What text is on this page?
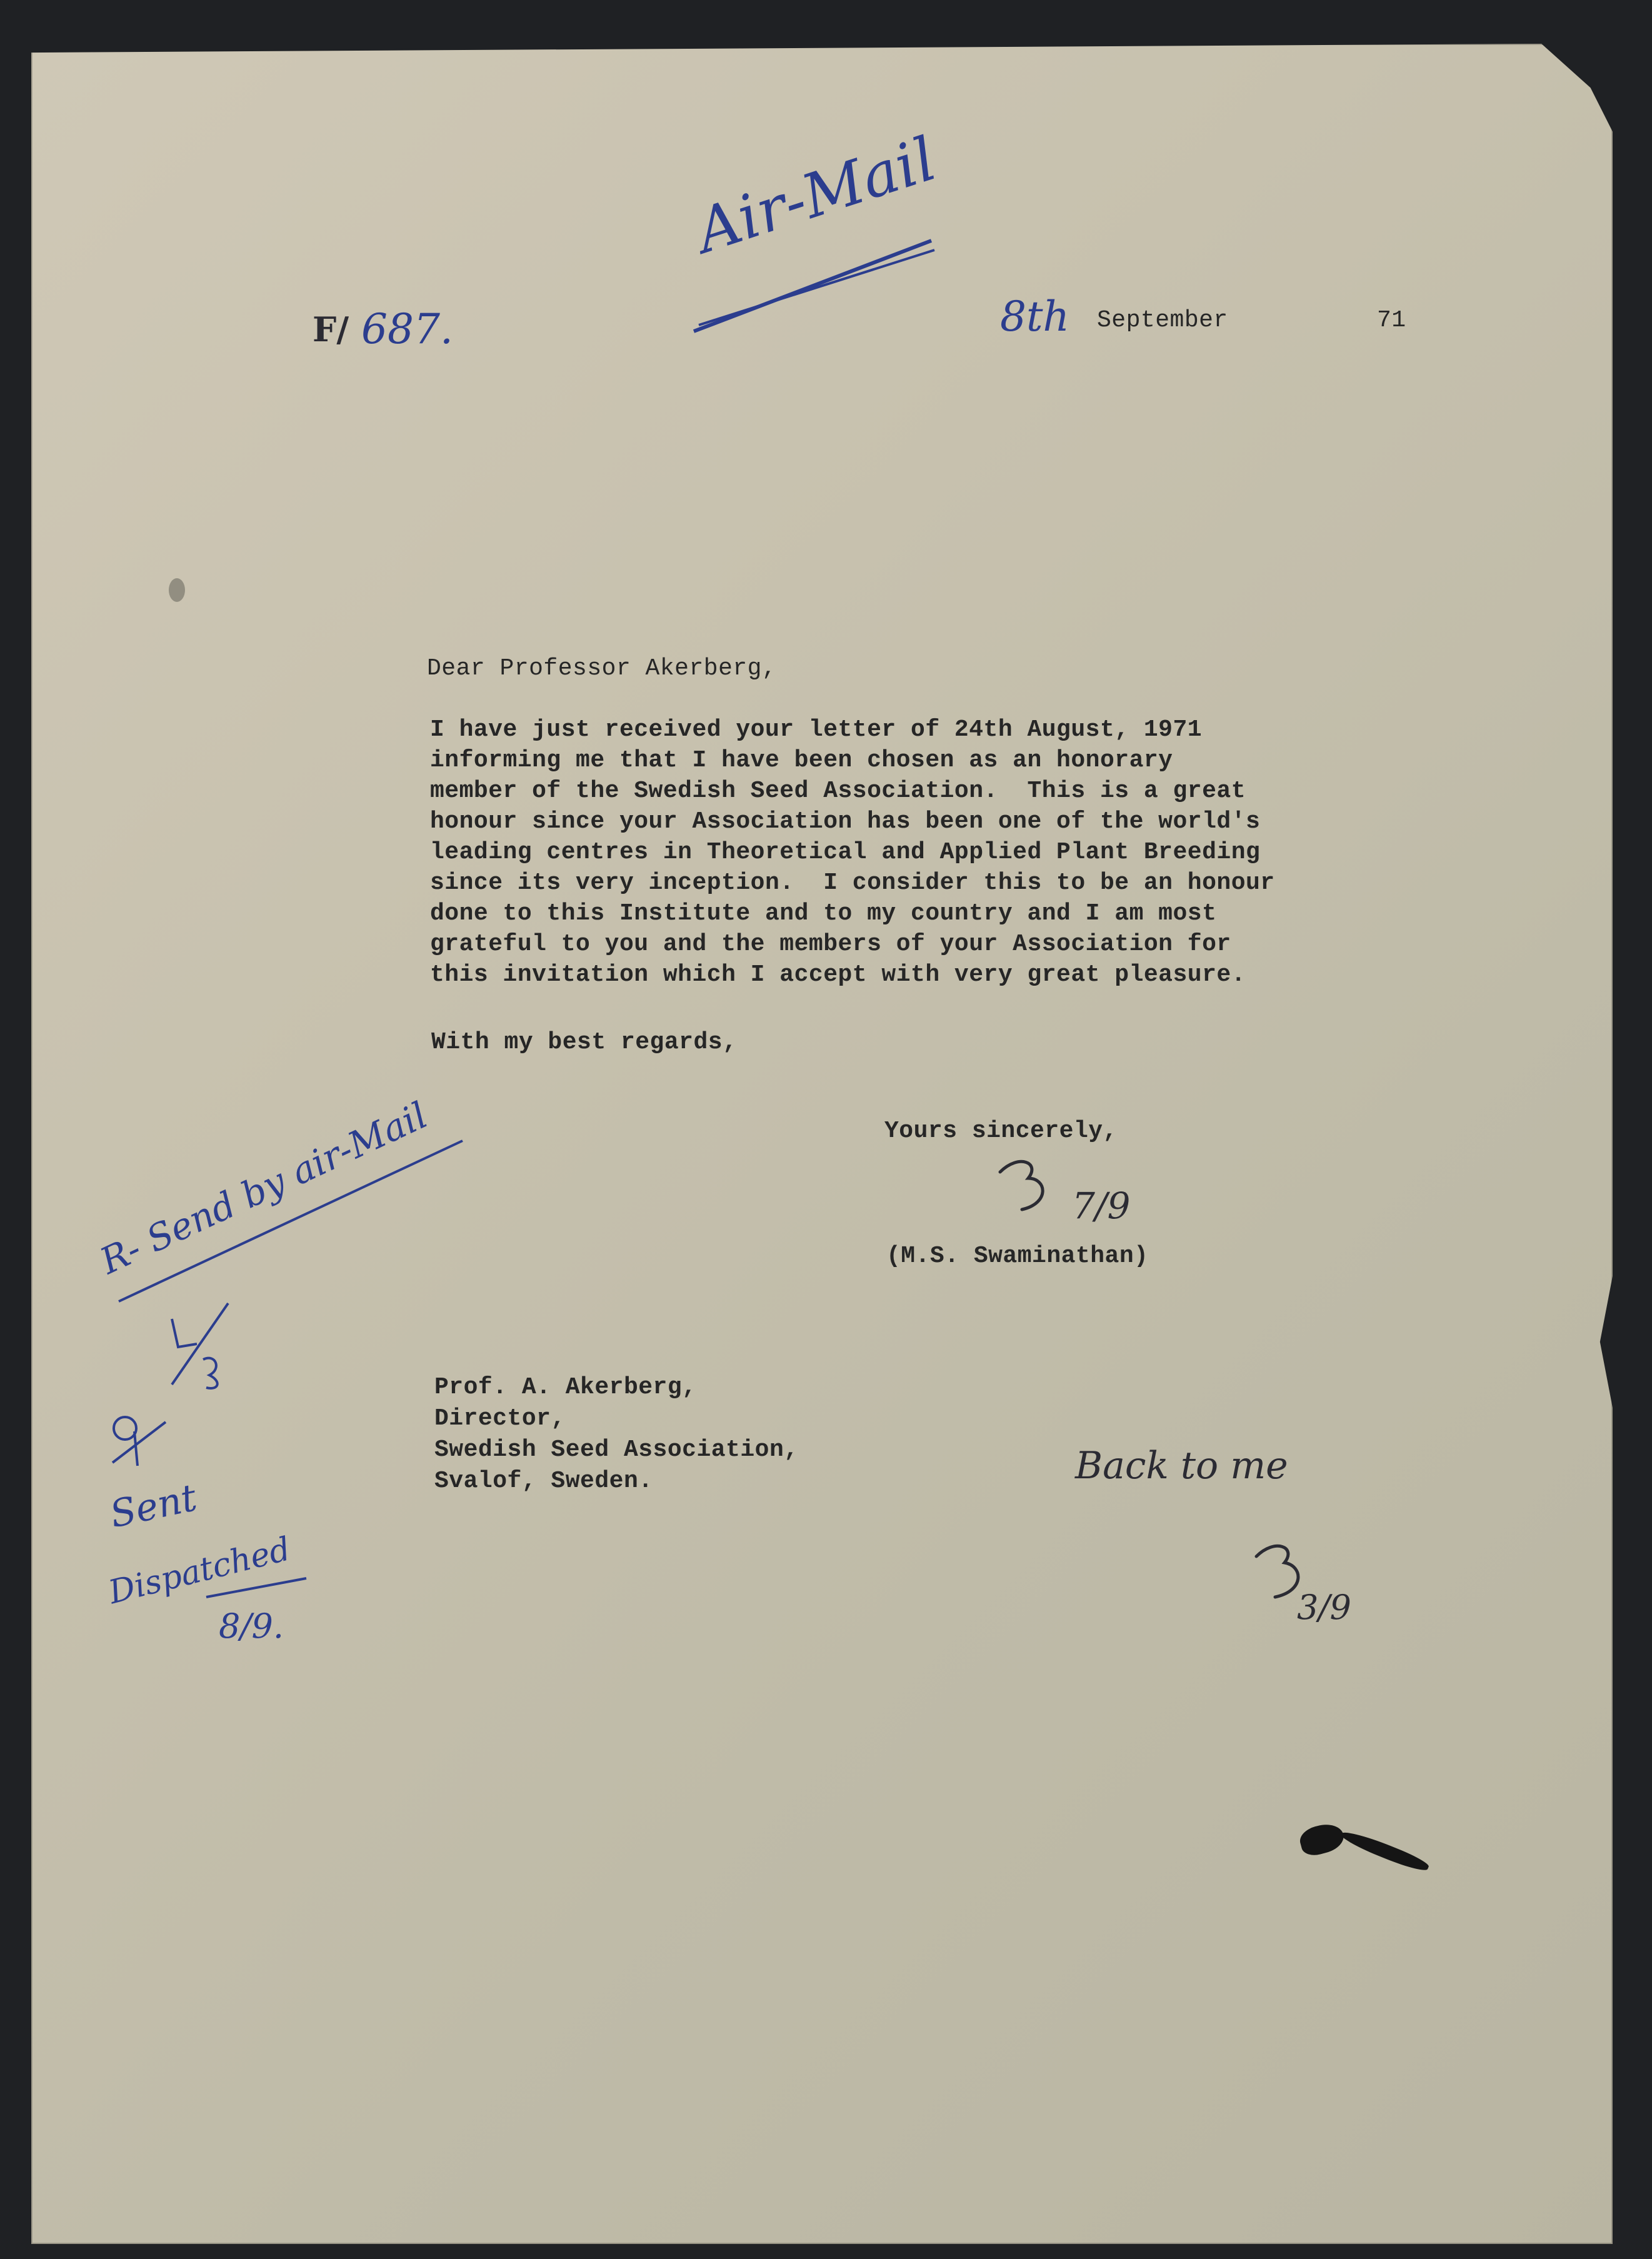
Air-Mail
F/ 687.	8th September	71
Dear Professor Akerberg,
I have just received your letter of 24th August, 1971
informing me that I have been chosen as an honorary
member of the Swedish Seed Association.  This is a great
honour since your Association has been one of the world's
leading centres in Theoretical and Applied Plant Breeding
since its very inception.  I consider this to be an honour
done to this Institute and to my country and I am most
grateful to you and the members of your Association for
this invitation which I accept with very great pleasure.
With my best regards,
Yours sincerely,
7/9
(M.S. Swaminathan)
Prof. A. Akerberg,
Director,
Swedish Seed Association,
Svalof, Sweden.
R- Send by air-Mail
Sent
Dispatched
8/9.
Back to me
3/9
